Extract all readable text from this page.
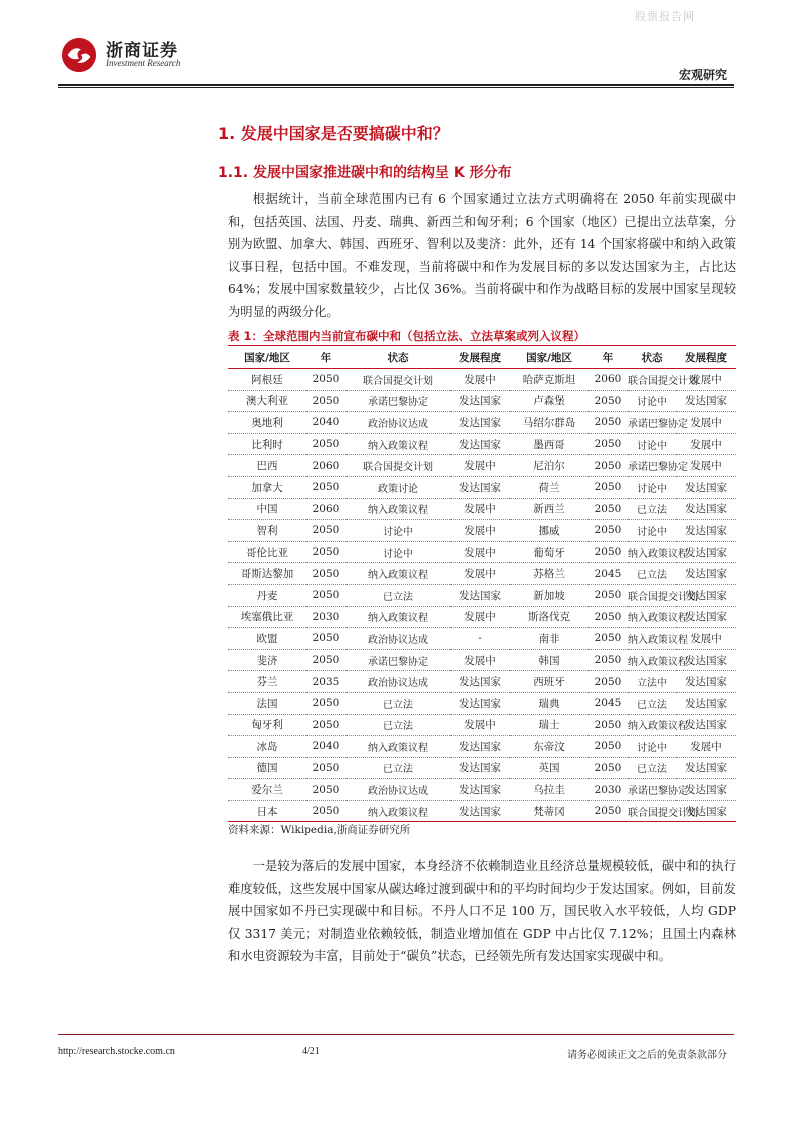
股票报告网
浙商证券
Investment Research
宏观研究
1. 发展中国家是否要搞碳中和？
1.1. 发展中国家推进碳中和的结构呈 K 形分布

根据统计，当前全球范围内已有 6 个国家通过立法方式明确将在 2050 年前实现碳中和，包括英国、法国、丹麦、瑞典、新西兰和匈牙利；6 个国家（地区）已提出立法草案，分别为欧盟、加拿大、韩国、西班牙、智利以及斐济：此外，还有 14 个国家将碳中和纳入政策议事日程，包括中国。不难发现，当前将碳中和作为发展目标的多以发达国家为主，占比达 64%；发展中国家数量较少，占比仅 36%。当前将碳中和作为战略目标的发展中国家呈现较为明显的两级分化。

表 1：全球范围内当前宣布碳中和（包括立法、立法草案或列入议程）
国家/地区	年	状态	发展程度	国家/地区	年	状态	发展程度
阿根廷	2050	联合国提交计划	发展中	哈萨克斯坦	2060	联合国提交计划	发展中
澳大利亚	2050	承诺巴黎协定	发达国家	卢森堡	2050	讨论中	发达国家
奥地利	2040	政治协议达成	发达国家	马绍尔群岛	2050	承诺巴黎协定	发展中
比利时	2050	纳入政策议程	发达国家	墨西哥	2050	讨论中	发展中
巴西	2060	联合国提交计划	发展中	尼泊尔	2050	承诺巴黎协定	发展中
加拿大	2050	政策讨论	发达国家	荷兰	2050	讨论中	发达国家
中国	2060	纳入政策议程	发展中	新西兰	2050	已立法	发达国家
智利	2050	讨论中	发展中	挪威	2050	讨论中	发达国家
哥伦比亚	2050	讨论中	发展中	葡萄牙	2050	纳入政策议程	发达国家
哥斯达黎加	2050	纳入政策议程	发展中	苏格兰	2045	已立法	发达国家
丹麦	2050	已立法	发达国家	新加坡	2050	联合国提交计划	发达国家
埃塞俄比亚	2030	纳入政策议程	发展中	斯洛伐克	2050	纳入政策议程	发达国家
欧盟	2050	政治协议达成	-	南非	2050	纳入政策议程	发展中
斐济	2050	承诺巴黎协定	发展中	韩国	2050	纳入政策议程	发达国家
芬兰	2035	政治协议达成	发达国家	西班牙	2050	立法中	发达国家
法国	2050	已立法	发达国家	瑞典	2045	已立法	发达国家
匈牙利	2050	已立法	发展中	瑞士	2050	纳入政策议程	发达国家
冰岛	2040	纳入政策议程	发达国家	东帝汶	2050	讨论中	发展中
德国	2050	已立法	发达国家	英国	2050	已立法	发达国家
爱尔兰	2050	政治协议达成	发达国家	乌拉圭	2030	承诺巴黎协定	发达国家
日本	2050	纳入政策议程	发达国家	梵蒂冈	2050	联合国提交计划	发达国家
资料来源：Wikipedia,浙商证券研究所

一是较为落后的发展中国家，本身经济不依赖制造业且经济总量规模较低，碳中和的执行难度较低，这些发展中国家从碳达峰过渡到碳中和的平均时间均少于发达国家。例如，目前发展中国家如不丹已实现碳中和目标。不丹人口不足 100 万，国民收入水平较低，人均 GDP 仅 3317 美元；对制造业依赖较低，制造业增加值在 GDP 中占比仅 7.12%；且国土内森林和水电资源较为丰富，目前处于“碳负”状态，已经领先所有发达国家实现碳中和。

http://research.stocke.com.cn	4/21	请务必阅读正文之后的免责条款部分
